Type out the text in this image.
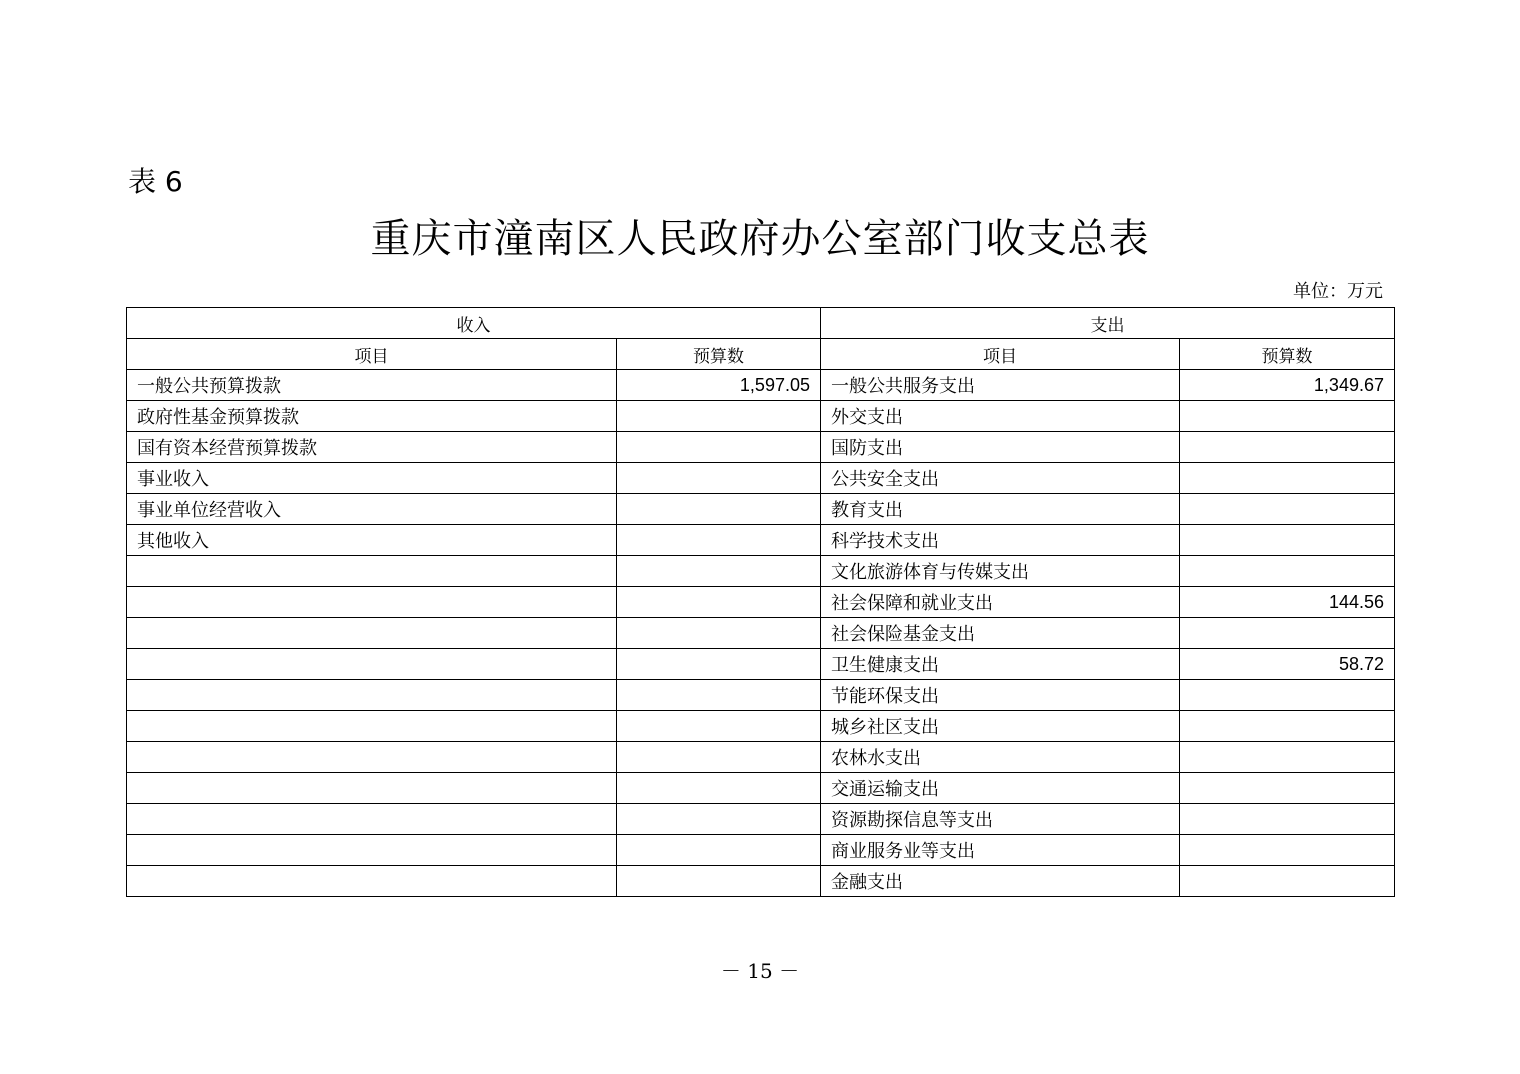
表 6
重庆市潼南区人民政府办公室部门收支总表
单位：万元
收入		支出	
项目	预算数	项目	预算数
一般公共预算拨款	1,597.05	一般公共服务支出	1,349.67
政府性基金预算拨款		外交支出	
国有资本经营预算拨款		国防支出	
事业收入		公共安全支出	
事业单位经营收入		教育支出	
其他收入		科学技术支出	
		文化旅游体育与传媒支出	
		社会保障和就业支出	144.56
		社会保险基金支出	
		卫生健康支出	58.72
		节能环保支出	
		城乡社区支出	
		农林水支出	
		交通运输支出	
		资源勘探信息等支出	
		商业服务业等支出	
		金融支出	
－ 15 －
